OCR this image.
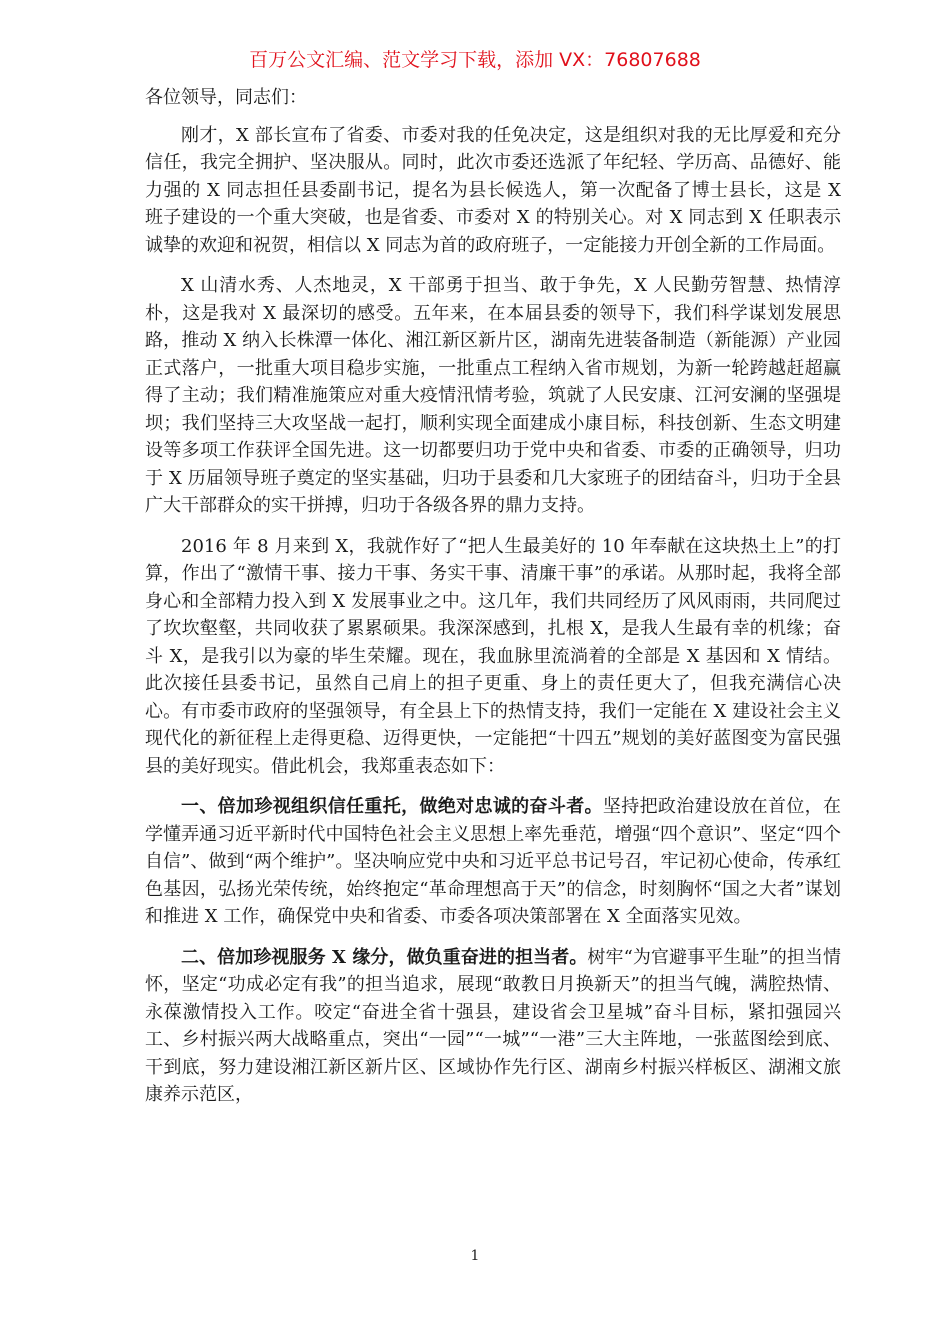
百万公文汇编、范文学习下载，添加 VX：76807688

各位领导，同志们：

刚才，X 部长宣布了省委、市委对我的任免决定，这是组织对我的无比厚爱和充分信任，我完全拥护、坚决服从。同时，此次市委还选派了年纪轻、学历高、品德好、能力强的 X 同志担任县委副书记，提名为县长候选人，第一次配备了博士县长，这是 X 班子建设的一个重大突破，也是省委、市委对 X 的特别关心。对 X 同志到 X 任职表示诚挚的欢迎和祝贺，相信以 X 同志为首的政府班子，一定能接力开创全新的工作局面。

X 山清水秀、人杰地灵，X 干部勇于担当、敢于争先，X 人民勤劳智慧、热情淳朴，这是我对 X 最深切的感受。五年来，在本届县委的领导下，我们科学谋划发展思路，推动 X 纳入长株潭一体化、湘江新区新片区，湖南先进装备制造（新能源）产业园正式落户，一批重大项目稳步实施，一批重点工程纳入省市规划，为新一轮跨越赶超赢得了主动；我们精准施策应对重大疫情汛情考验，筑就了人民安康、江河安澜的坚强堤坝；我们坚持三大攻坚战一起打，顺利实现全面建成小康目标，科技创新、生态文明建设等多项工作获评全国先进。这一切都要归功于党中央和省委、市委的正确领导，归功于 X 历届领导班子奠定的坚实基础，归功于县委和几大家班子的团结奋斗，归功于全县广大干部群众的实干拼搏，归功于各级各界的鼎力支持。

2016 年 8 月来到 X，我就作好了“把人生最美好的 10 年奉献在这块热土上”的打算，作出了“激情干事、接力干事、务实干事、清廉干事”的承诺。从那时起，我将全部身心和全部精力投入到 X 发展事业之中。这几年，我们共同经历了风风雨雨，共同爬过了坎坎壑壑，共同收获了累累硕果。我深深感到，扎根 X，是我人生最有幸的机缘；奋斗 X，是我引以为豪的毕生荣耀。现在，我血脉里流淌着的全部是 X 基因和 X 情结。此次接任县委书记，虽然自己肩上的担子更重、身上的责任更大了，但我充满信心决心。有市委市政府的坚强领导，有全县上下的热情支持，我们一定能在 X 建设社会主义现代化的新征程上走得更稳、迈得更快，一定能把“十四五”规划的美好蓝图变为富民强县的美好现实。借此机会，我郑重表态如下：

一、倍加珍视组织信任重托，做绝对忠诚的奋斗者。坚持把政治建设放在首位，在学懂弄通习近平新时代中国特色社会主义思想上率先垂范，增强“四个意识”、坚定“四个自信”、做到“两个维护”。坚决响应党中央和习近平总书记号召，牢记初心使命，传承红色基因，弘扬光荣传统，始终抱定“革命理想高于天”的信念，时刻胸怀“国之大者”谋划和推进 X 工作，确保党中央和省委、市委各项决策部署在 X 全面落实见效。

二、倍加珍视服务 X 缘分，做负重奋进的担当者。树牢“为官避事平生耻”的担当情怀，坚定“功成必定有我”的担当追求，展现“敢教日月换新天”的担当气魄，满腔热情、永葆激情投入工作。咬定“奋进全省十强县，建设省会卫星城”奋斗目标，紧扣强园兴工、乡村振兴两大战略重点，突出“一园”“一城”“一港”三大主阵地，一张蓝图绘到底、干到底，努力建设湘江新区新片区、区域协作先行区、湖南乡村振兴样板区、湖湘文旅康养示范区，

1
